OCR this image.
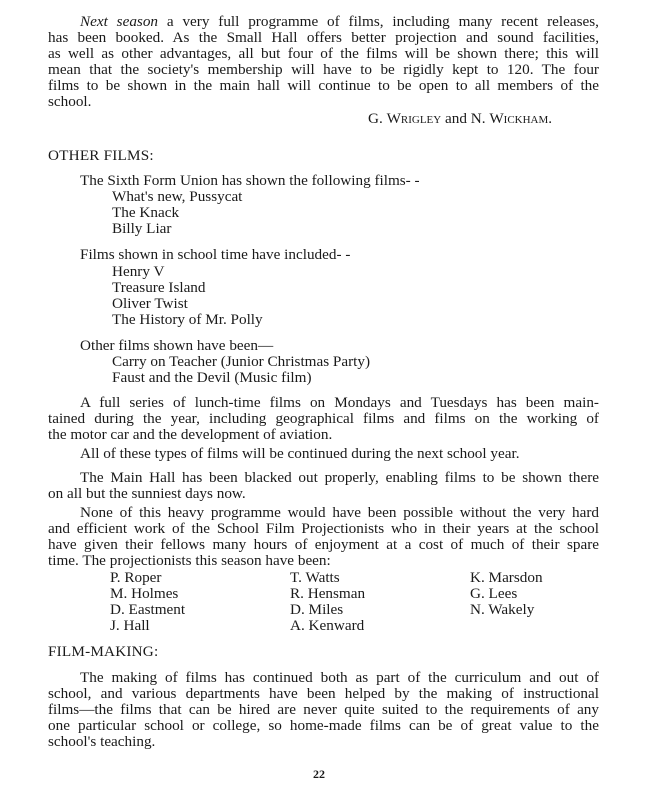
Next season a very full programme of films, including many recent releases,
has been booked. As the Small Hall offers better projection and sound facilities,
as well as other advantages, all but four of the films will be shown there; this will
mean that the society's membership will have to be rigidly kept to 120. The four
films to be shown in the main hall will continue to be open to all members of the
school.
G. Wrigley and N. Wickham.
OTHER FILMS:
The Sixth Form Union has shown the following films- -
What's new, Pussycat
The Knack
Billy Liar
Films shown in school time have included- -
Henry V
Treasure Island
Oliver Twist
The History of Mr. Polly
Other films shown have been—
Carry on Teacher (Junior Christmas Party)
Faust and the Devil (Music film)
A full series of lunch-time films on Mondays and Tuesdays has been main-
tained during the year, including geographical films and films on the working of
the motor car and the development of aviation.
All of these types of films will be continued during the next school year.
The Main Hall has been blacked out properly, enabling films to be shown there
on all but the sunniest days now.
None of this heavy programme would have been possible without the very hard
and efficient work of the School Film Projectionists who in their years at the school
have given their fellows many hours of enjoyment at a cost of much of their spare
time. The projectionists this season have been:
P. Roper
M. Holmes
D. Eastment
J. Hall
T. Watts
R. Hensman
D. Miles
A. Kenward
K. Marsdon
G. Lees
N. Wakely
FILM-MAKING:
The making of films has continued both as part of the curriculum and out of
school, and various departments have been helped by the making of instructional
films—the films that can be hired are never quite suited to the requirements of any
one particular school or college, so home-made films can be of great value to the
school's teaching.
22
